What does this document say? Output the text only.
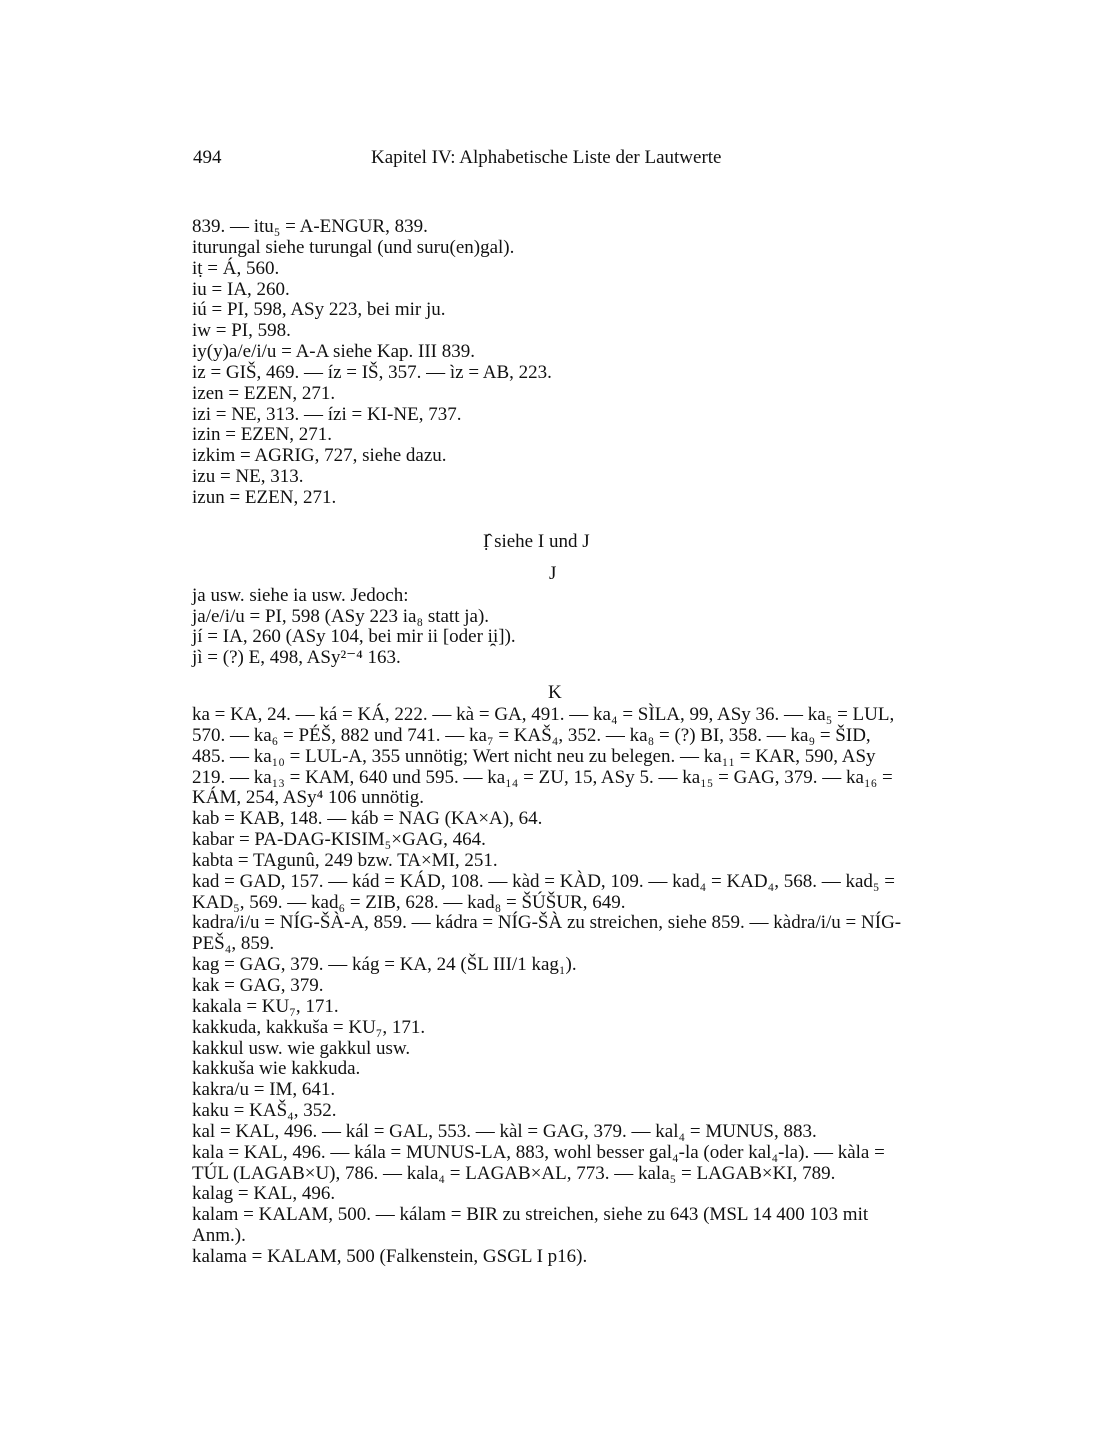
494	Kapitel IV: Alphabetische Liste der Lautwerte
839. — itu₅ = A-ENGUR, 839.
iturungal siehe turungal (und suru(en)gal).
iṭ = Á, 560.
iu = IA, 260.
iú = PI, 598, ASy 223, bei mir ju.
iw = PI, 598.
iy(y)a/e/i/u = A-A siehe Kap. III 839.
iz = GIŠ, 469. — íz = IŠ, 357. — ìz = AB, 223.
izen = EZEN, 271.
izi = NE, 313. — ízi = KI-NE, 737.
izin = EZEN, 271.
izkim = AGRIG, 727, siehe dazu.
izu = NE, 313.
izun = EZEN, 271.
Ị̂ siehe I und J
J
ja usw. siehe ia usw. Jedoch:
ja/e/i/u = PI, 598 (ASy 223 ia₈ statt ja).
jí = IA, 260 (ASy 104, bei mir ii [oder i̯i]).
jì = (?) E, 498, ASy²⁻⁴ 163.
K
ka = KA, 24. — ká = KÁ, 222. — kà = GA, 491. — ka₄ = SÌLA, 99, ASy 36. — ka₅ = LUL,
570. — ka₆ = PÉŠ, 882 und 741. — ka₇ = KAŠ₄, 352. — ka₈ = (?) BI, 358. — ka₉ = ŠID,
485. — ka₁₀ = LUL-A, 355 unnötig; Wert nicht neu zu belegen. — ka₁₁ = KAR, 590, ASy
219. — ka₁₃ = KAM, 640 und 595. — ka₁₄ = ZU, 15, ASy 5. — ka₁₅ = GAG, 379. — ka₁₆ =
KÁM, 254, ASy⁴ 106 unnötig.
kab = KAB, 148. — káb = NAG (KA×A), 64.
kabar = PA-DAG-KISIM₅×GAG, 464.
kabta = TAgunû, 249 bzw. TA×MI, 251.
kad = GAD, 157. — kád = KÁD, 108. — kàd = KÀD, 109. — kad₄ = KAD₄, 568. — kad₅ =
KAD₅, 569. — kad₆ = ZIB, 628. — kad₈ = ŠÚŠUR, 649.
kadra/i/u = NÍG-ŠÀ-A, 859. — kádra = NÍG-ŠÀ zu streichen, siehe 859. — kàdra/i/u = NÍG-
PEŠ₄, 859.
kag = GAG, 379. — kág = KA, 24 (ŠL III/1 kag₁).
kak = GAG, 379.
kakala = KU₇, 171.
kakkuda, kakkuša = KU₇, 171.
kakkul usw. wie gakkul usw.
kakkuša wie kakkuda.
kakra/u = IM, 641.
kaku = KAŠ₄, 352.
kal = KAL, 496. — kál = GAL, 553. — kàl = GAG, 379. — kal₄ = MUNUS, 883.
kala = KAL, 496. — kála = MUNUS-LA, 883, wohl besser gal₄-la (oder kal₄-la). — kàla =
TÚL (LAGAB×U), 786. — kala₄ = LAGAB×AL, 773. — kala₅ = LAGAB×KI, 789.
kalag = KAL, 496.
kalam = KALAM, 500. — kálam = BIR zu streichen, siehe zu 643 (MSL 14 400 103 mit
Anm.).
kalama = KALAM, 500 (Falkenstein, GSGL I p16).
